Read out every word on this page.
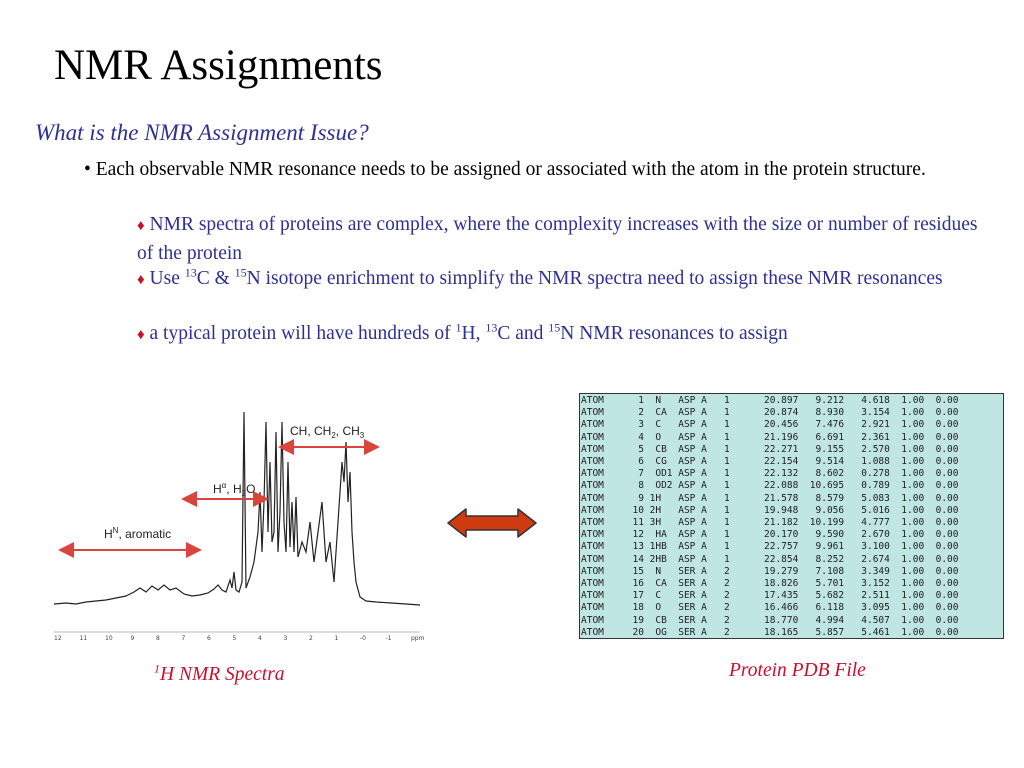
NMR Assignments
What is the NMR Assignment Issue?
• Each observable NMR resonance needs to be assigned or associated with the atom in the protein structure.
♦ NMR spectra of proteins are complex, where the complexity increases with the size or number of residues of the protein
♦ Use $^{13}$C & $^{15}$N isotope enrichment to simplify the NMR spectra need to assign these NMR resonances
♦ a typical protein will have hundreds of $^1$H, $^{13}$C and $^{15}$N NMR resonances to assign
$H^N$, aromatic
$H^\alpha$, $H_2O$
CH, $CH_2$, $CH_3$
12	11	10	9	8	7	6	5	4	3	2	1	-0	-1	ppm
ATOM      1  N   ASP A   1      20.897   9.212   4.618  1.00  0.00
ATOM      2  CA  ASP A   1      20.874   8.930   3.154  1.00  0.00
ATOM      3  C   ASP A   1      20.456   7.476   2.921  1.00  0.00
ATOM      4  O   ASP A   1      21.196   6.691   2.361  1.00  0.00
ATOM      5  CB  ASP A   1      22.271   9.155   2.570  1.00  0.00
ATOM      6  CG  ASP A   1      22.154   9.514   1.088  1.00  0.00
ATOM      7  OD1 ASP A   1      22.132   8.602   0.278  1.00  0.00
ATOM      8  OD2 ASP A   1      22.088  10.695   0.789  1.00  0.00
ATOM      9 1H   ASP A   1      21.578   8.579   5.083  1.00  0.00
ATOM     10 2H   ASP A   1      19.948   9.056   5.016  1.00  0.00
ATOM     11 3H   ASP A   1      21.182  10.199   4.777  1.00  0.00
ATOM     12  HA  ASP A   1      20.170   9.590   2.670  1.00  0.00
ATOM     13 1HB  ASP A   1      22.757   9.961   3.100  1.00  0.00
ATOM     14 2HB  ASP A   1      22.854   8.252   2.674  1.00  0.00
ATOM     15  N   SER A   2      19.279   7.108   3.349  1.00  0.00
ATOM     16  CA  SER A   2      18.826   5.701   3.152  1.00  0.00
ATOM     17  C   SER A   2      17.435   5.682   2.511  1.00  0.00
ATOM     18  O   SER A   2      16.466   6.118   3.095  1.00  0.00
ATOM     19  CB  SER A   2      18.770   4.994   4.507  1.00  0.00
ATOM     20  OG  SER A   2      18.165   5.857   5.461  1.00  0.00

$^1$H NMR Spectra	Protein PDB File
